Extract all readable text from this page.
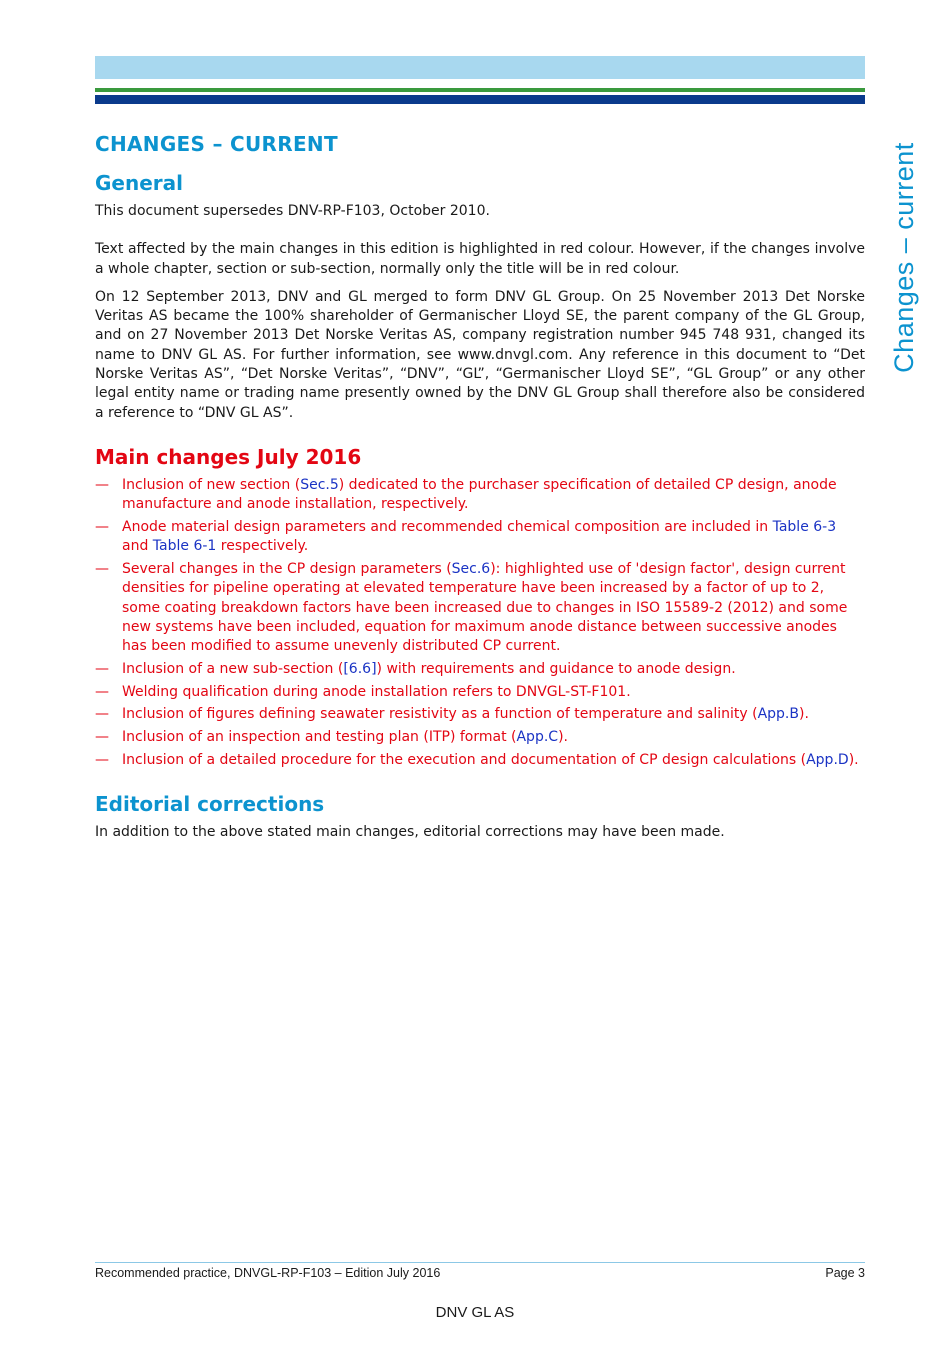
Changes – current
CHANGES – CURRENT
General

This document supersedes DNV-RP-F103, October 2010.

Text affected by the main changes in this edition is highlighted in red colour. However, if the changes involve a whole chapter, section or sub-section, normally only the title will be in red colour.

On 12 September 2013, DNV and GL merged to form DNV GL Group. On 25 November 2013 Det Norske Veritas AS became the 100% shareholder of Germanischer Lloyd SE, the parent company of the GL Group, and on 27 November 2013 Det Norske Veritas AS, company registration number 945 748 931, changed its name to DNV GL AS. For further information, see www.dnvgl.com. Any reference in this document to “Det Norske Veritas AS”, “Det Norske Veritas”, “DNV”, “GL”, “Germanischer Lloyd SE”, “GL Group” or any other legal entity name or trading name presently owned by the DNV GL Group shall therefore also be considered a reference to “DNV GL AS”.

Main changes July 2016
— Inclusion of new section (Sec.5) dedicated to the purchaser specification of detailed CP design, anode manufacture and anode installation, respectively.
— Anode material design parameters and recommended chemical composition are included in Table 6-3 and Table 6-1 respectively.
— Several changes in the CP design parameters (Sec.6): highlighted use of 'design factor', design current densities for pipeline operating at elevated temperature have been increased by a factor of up to 2, some coating breakdown factors have been increased due to changes in ISO 15589-2 (2012) and some new systems have been included, equation for maximum anode distance between successive anodes has been modified to assume unevenly distributed CP current.
— Inclusion of a new sub-section ([6.6]) with requirements and guidance to anode design.
— Welding qualification during anode installation refers to DNVGL-ST-F101.
— Inclusion of figures defining seawater resistivity as a function of temperature and salinity (App.B).
— Inclusion of an inspection and testing plan (ITP) format (App.C).
— Inclusion of a detailed procedure for the execution and documentation of CP design calculations (App.D).
Editorial corrections

In addition to the above stated main changes, editorial corrections may have been made.

Recommended practice, DNVGL-RP-F103 – Edition July 2016	Page 3
DNV GL AS
